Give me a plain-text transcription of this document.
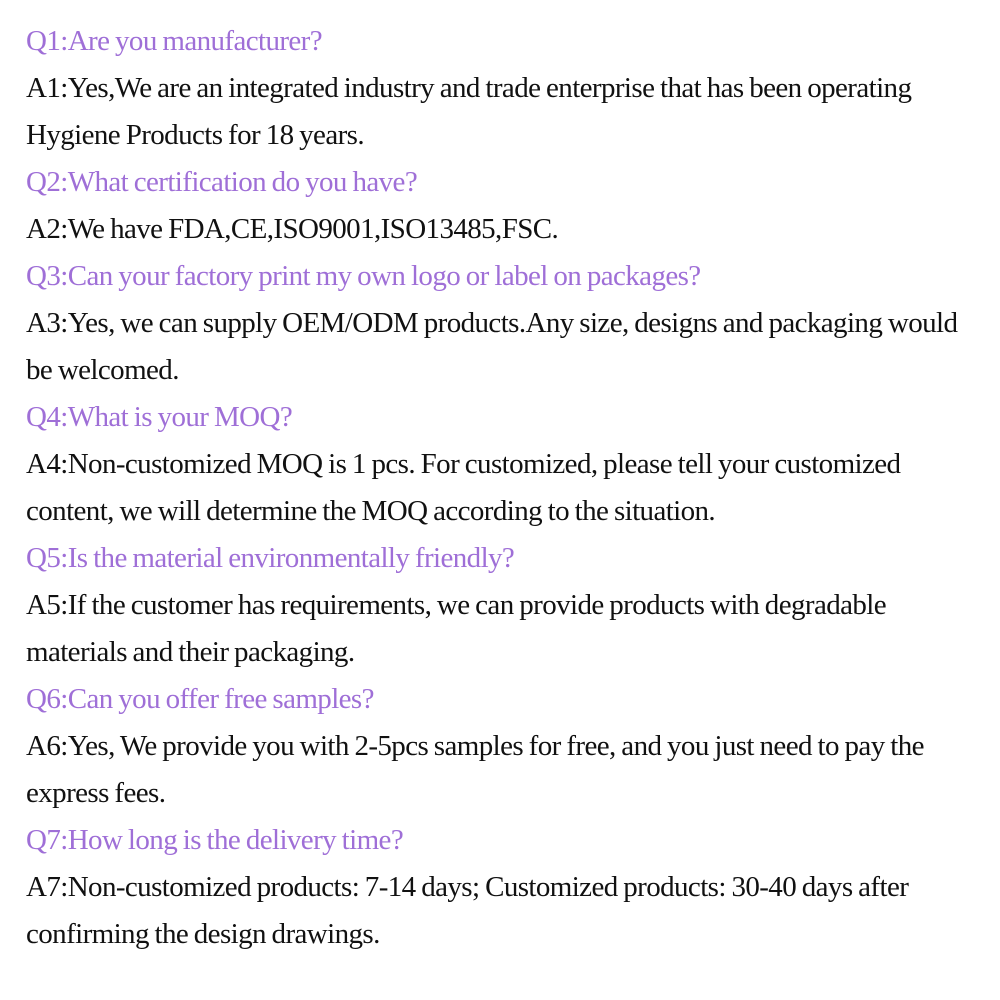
Q1:Are you manufacturer?

A1:Yes,We are an integrated industry and trade enterprise that has been operating Hygiene Products for 18 years.

Q2:What certification do you have?

A2:We have FDA,CE,ISO9001,ISO13485,FSC.

Q3:Can your factory print my own logo or label on packages?

A3:Yes, we can supply OEM/ODM products.Any size, designs and packaging would be welcomed.

Q4:What is your MOQ?

A4:Non-customized MOQ is 1 pcs. For customized, please tell your customized content, we will determine the MOQ according to the situation.

Q5:Is the material environmentally friendly?

A5:If the customer has requirements, we can provide products with degradable materials and their packaging.

Q6:Can you offer free samples?

A6:Yes, We provide you with 2-5pcs samples for free, and you just need to pay the express fees.

Q7:How long is the delivery time?

A7:Non-customized products: 7-14 days; Customized products: 30-40 days after confirming the design drawings.
